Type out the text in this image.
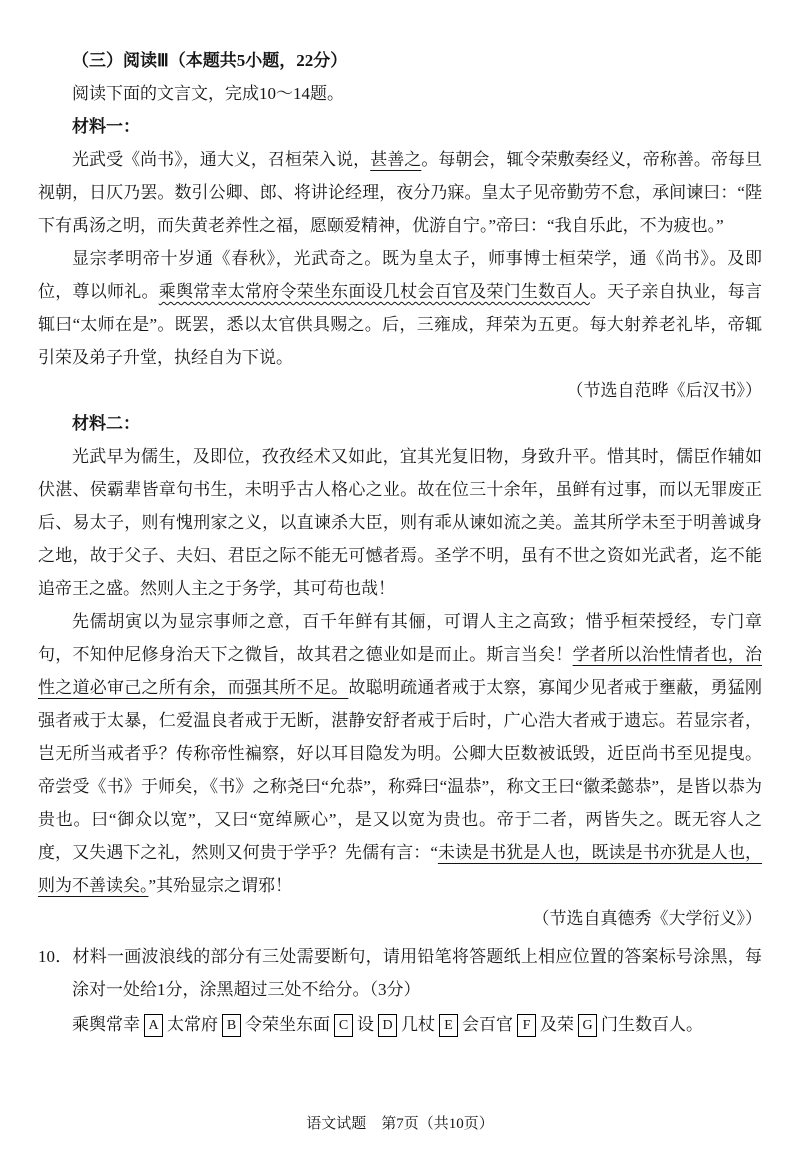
（三）阅读Ⅲ（本题共5小题，22分）

阅读下面的文言文，完成10～14题。

材料一：

光武受《尚书》，通大义，召桓荣入说，甚善之。每朝会，辄令荣敷奏经义，帝称善。帝每旦视朝，日仄乃罢。数引公卿、郎、将讲论经理，夜分乃寐。皇太子见帝勤劳不怠，承间谏曰：“陛下有禹汤之明，而失黄老养性之福，愿颐爱精神，优游自宁。”帝曰：“我自乐此，不为疲也。”

显宗孝明帝十岁通《春秋》，光武奇之。既为皇太子，师事博士桓荣学，通《尚书》。及即位，尊以师礼。乘舆常幸太常府令荣坐东面设几杖会百官及荣门生数百人。天子亲自执业，每言辄曰“太师在是”。既罢，悉以太官供具赐之。后，三雍成，拜荣为五更。每大射养老礼毕，帝辄引荣及弟子升堂，执经自为下说。

（节选自范晔《后汉书》）

材料二：

光武早为儒生，及即位，孜孜经术又如此，宜其光复旧物，身致升平。惜其时，儒臣作辅如伏湛、侯霸辈皆章句书生，未明乎古人格心之业。故在位三十余年，虽鲜有过事，而以无罪废正后、易太子，则有愧刑家之义，以直谏杀大臣，则有乖从谏如流之美。盖其所学未至于明善诚身之地，故于父子、夫妇、君臣之际不能无可憾者焉。圣学不明，虽有不世之资如光武者，迄不能追帝王之盛。然则人主之于务学，其可苟也哉！

先儒胡寅以为显宗事师之意，百千年鲜有其俪，可谓人主之高致；惜乎桓荣授经，专门章句，不知仲尼修身治天下之微旨，故其君之德业如是而止。斯言当矣！学者所以治性情者也，治性之道必审己之所有余，而强其所不足。故聪明疏通者戒于太察，寡闻少见者戒于壅蔽，勇猛刚强者戒于太暴，仁爱温良者戒于无断，湛静安舒者戒于后时，广心浩大者戒于遗忘。若显宗者，岂无所当戒者乎？传称帝性褊察，好以耳目隐发为明。公卿大臣数被诋毁，近臣尚书至见提曳。帝尝受《书》于师矣，《书》之称尧曰“允恭”，称舜曰“温恭”，称文王曰“徽柔懿恭”，是皆以恭为贵也。曰“御众以宽”，又曰“宽绰厥心”，是又以宽为贵也。帝于二者，两皆失之。既无容人之度，又失遇下之礼，然则又何贵于学乎？先儒有言：“未读是书犹是人也，既读是书亦犹是人也，则为不善读矣。”其殆显宗之谓邪！

（节选自真德秀《大学衍义》）

10．材料一画波浪线的部分有三处需要断句，请用铅笔将答题纸上相应位置的答案标号涂黑，每涂对一处给1分，涂黑超过三处不给分。（3分）

乘舆常幸 A 太常府 B 令荣坐东面 C 设 D 几杖 E 会百官 F 及荣 G 门生数百人。

语文试题　第7页（共10页）
